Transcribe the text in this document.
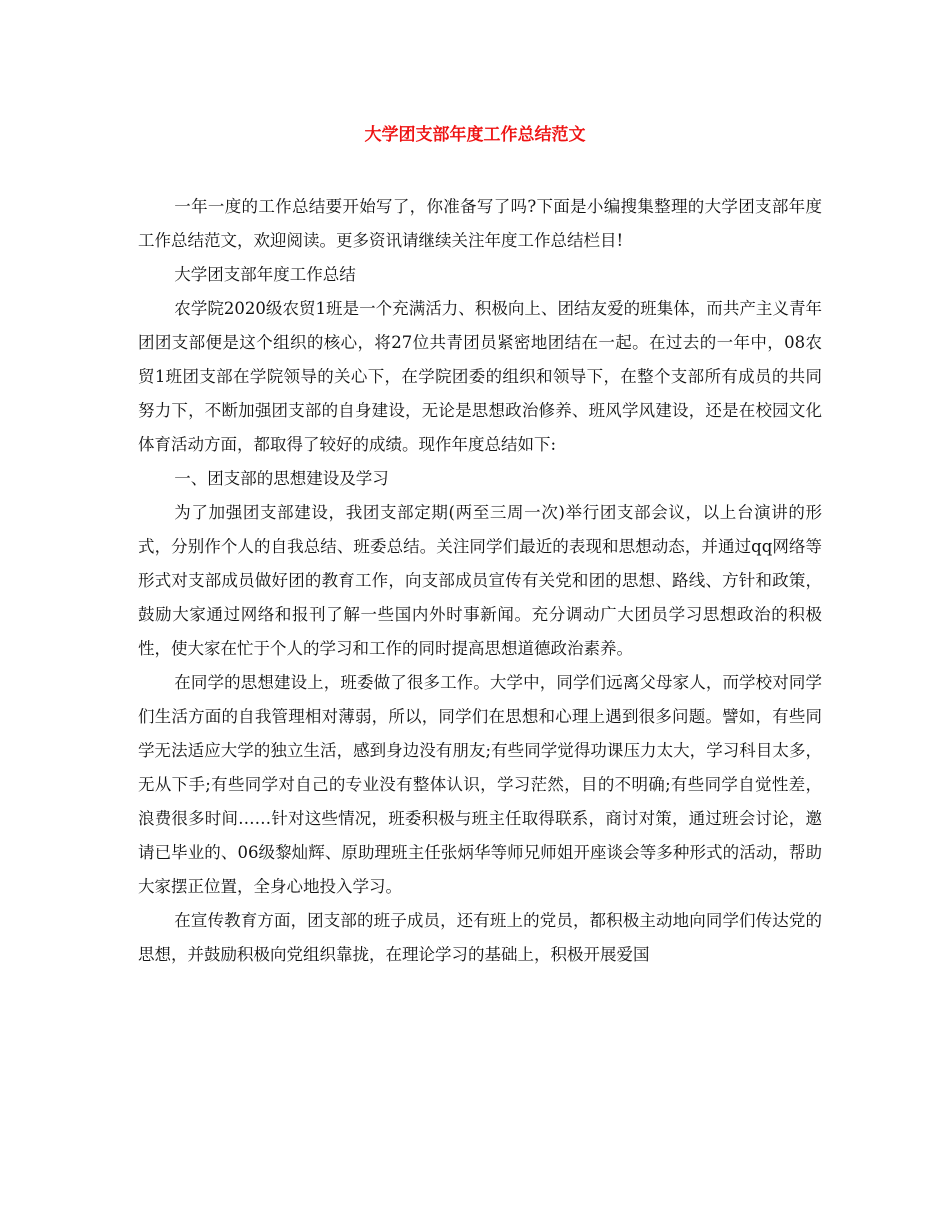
大学团支部年度工作总结范文

一年一度的工作总结要开始写了，你准备写了吗?下面是小编搜集整理的大学团支部年度工作总结范文，欢迎阅读。更多资讯请继续关注年度工作总结栏目!

大学团支部年度工作总结

农学院2020级农贸1班是一个充满活力、积极向上、团结友爱的班集体，而共产主义青年团团支部便是这个组织的核心，将27位共青团员紧密地团结在一起。在过去的一年中，08农贸1班团支部在学院领导的关心下，在学院团委的组织和领导下，在整个支部所有成员的共同努力下，不断加强团支部的自身建设，无论是思想政治修养、班风学风建设，还是在校园文化体育活动方面，都取得了较好的成绩。现作年度总结如下:

一、团支部的思想建设及学习

为了加强团支部建设，我团支部定期(两至三周一次)举行团支部会议，以上台演讲的形式，分别作个人的自我总结、班委总结。关注同学们最近的表现和思想动态，并通过qq网络等形式对支部成员做好团的教育工作，向支部成员宣传有关党和团的思想、路线、方针和政策，鼓励大家通过网络和报刊了解一些国内外时事新闻。充分调动广大团员学习思想政治的积极性，使大家在忙于个人的学习和工作的同时提高思想道德政治素养。

在同学的思想建设上，班委做了很多工作。大学中，同学们远离父母家人，而学校对同学们生活方面的自我管理相对薄弱，所以，同学们在思想和心理上遇到很多问题。譬如，有些同学无法适应大学的独立生活，感到身边没有朋友;有些同学觉得功课压力太大，学习科目太多，无从下手;有些同学对自己的专业没有整体认识，学习茫然，目的不明确;有些同学自觉性差，浪费很多时间……针对这些情况，班委积极与班主任取得联系，商讨对策，通过班会讨论，邀请已毕业的、06级黎灿辉、原助理班主任张炳华等师兄师姐开座谈会等多种形式的活动，帮助大家摆正位置，全身心地投入学习。

在宣传教育方面，团支部的班子成员，还有班上的党员，都积极主动地向同学们传达党的思想，并鼓励积极向党组织靠拢，在理论学习的基础上，积极开展爱国
